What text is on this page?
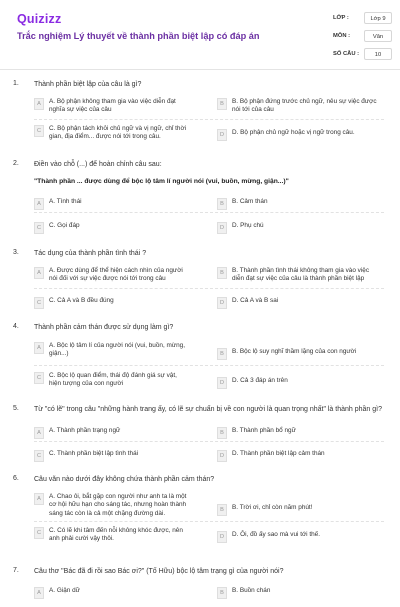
Quizizz
Trắc nghiệm Lý thuyết về thành phần biệt lập có đáp án
LỚP :	Lớp 9
MÔN :	Văn
SỐ CÂU :	10
1. Thành phần biệt lập của câu là gì?
A	A. Bộ phận không tham gia vào việc diễn đạt nghĩa sự việc của câu
B	B. Bộ phận đứng trước chủ ngữ, nêu sự việc được nói tới của câu
C	C. Bộ phận tách khỏi chủ ngữ và vị ngữ, chỉ thời gian, địa điểm... được nói tới trong câu.	D	D. Bộ phận chủ ngữ hoặc vị ngữ trong câu.
2. Điền vào chỗ (...) để hoàn chỉnh câu sau:
"Thành phần ... được dùng để bộc lộ tâm lí người nói (vui, buồn, mừng, giận...)"
A	A. Tình thái	B	B. Cảm thán
C	C. Gọi đáp	D	D. Phụ chú
3. Tác dụng của thành phần tình thái ?
A	A. Được dùng để thể hiện cách nhìn của người nói đối với sự việc được nói tới trong câu
B	B. Thành phần tình thái không tham gia vào việc diễn đạt sự việc của câu là thành phần biệt lập
C	C. Cả A và B đều đúng	D	D. Cả A và B sai
4. Thành phần cảm thán được sử dụng làm gì?
A	A. Bộc lộ tâm lí của người nói (vui, buồn, mừng, giận...)	B	B. Bộc lộ suy nghĩ thầm lặng của con người
C	C. Bộc lộ quan điểm, thái độ đánh giá sự vật, hiện tượng của con người	D	D. Cả 3 đáp án trên
5. Từ "có lẽ" trong câu "những hành trang ấy, có lẽ sự chuẩn bị về con người là quan trọng nhất" là thành phần gì?
A	A. Thành phần trạng ngữ	B	B. Thành phần bổ ngữ
C	C. Thành phần biệt lập tình thái	D	D. Thành phần biệt lập cảm thán
6. Câu văn nào dưới đây không chứa thành phần cảm thán?
A	A. Chao ôi, bắt gặp con người như anh ta là một cơ hội hữu hạn cho sáng tác, nhưng hoàn thành sáng tác còn là cả một chặng đường dài.	B	B. Trời ơi, chỉ còn năm phút!
C	C. Có lẽ khi tâm đến nỗi không khóc được, nên anh phải cười vậy thôi.	D	D. Ôi, đồ ấy sao mà vui tới thế.
7. Câu thơ "Bác đã đi rồi sao Bác ơi?" (Tố Hữu) bộc lộ tâm trạng gì của người nói?
A	A. Giận dữ	B	B. Buồn chán
